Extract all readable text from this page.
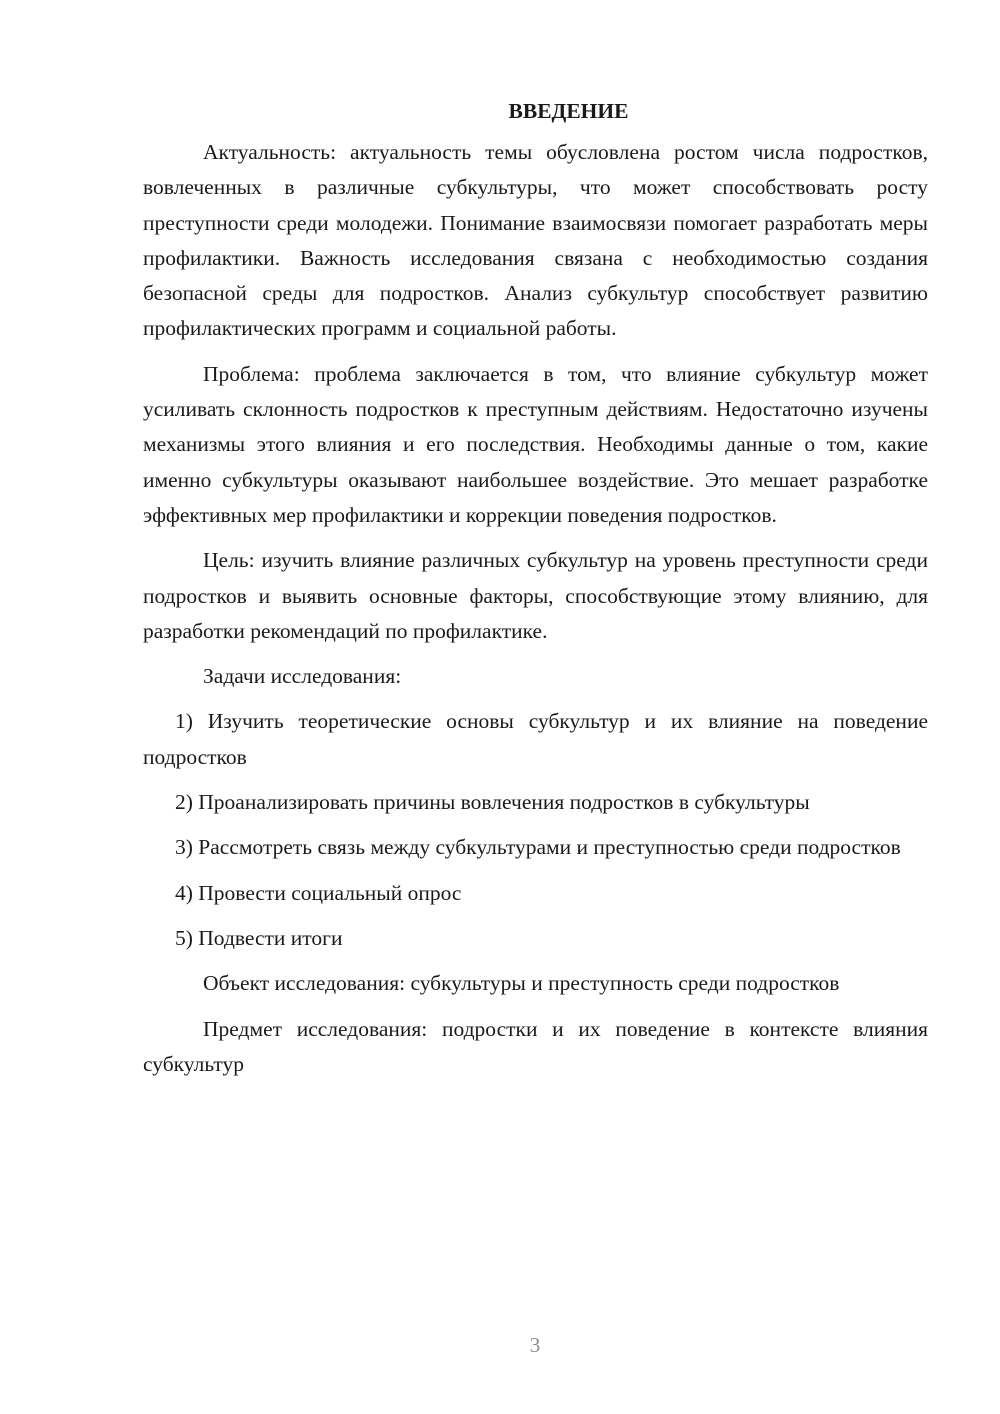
ВВЕДЕНИЕ

Актуальность: актуальность темы обусловлена ростом числа подростков, вовлеченных в различные субкультуры, что может способствовать росту преступности среди молодежи. Понимание взаимосвязи помогает разработать меры профилактики. Важность исследования связана с необходимостью создания безопасной среды для подростков. Анализ субкультур способствует развитию профилактических программ и социальной работы.

Проблема: проблема заключается в том, что влияние субкультур может усиливать склонность подростков к преступным действиям. Недостаточно изучены механизмы этого влияния и его последствия. Необходимы данные о том, какие именно субкультуры оказывают наибольшее воздействие. Это мешает разработке эффективных мер профилактики и коррекции поведения подростков.

Цель: изучить влияние различных субкультур на уровень преступности среди подростков и выявить основные факторы, способствующие этому влиянию, для разработки рекомендаций по профилактике.

Задачи исследования:

1) Изучить теоретические основы субкультур и их влияние на поведение подростков

2) Проанализировать причины вовлечения подростков в субкультуры

3) Рассмотреть связь между субкультурами и преступностью среди подростков

4) Провести социальный опрос

5) Подвести итоги

Объект исследования: субкультуры и преступность среди подростков

Предмет исследования: подростки и их поведение в контексте влияния субкультур

3
